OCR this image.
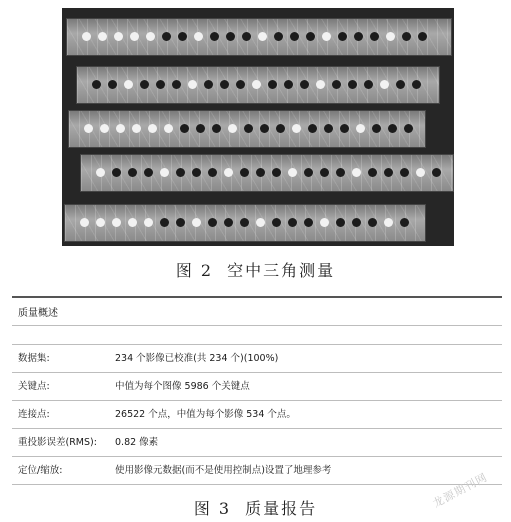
图 2 空中三角测量
质量概述
数据集:	234 个影像已校准(共 234 个)(100%)
关键点:	中值为每个图像 5986 个关键点
连接点:	26522 个点，中值为每个影像 534 个点。
重投影误差(RMS): 0.82 像素
定位/缩放:	使用影像元数据(而不是使用控制点)设置了地理参考
图 3 质量报告	龙源期刊网
